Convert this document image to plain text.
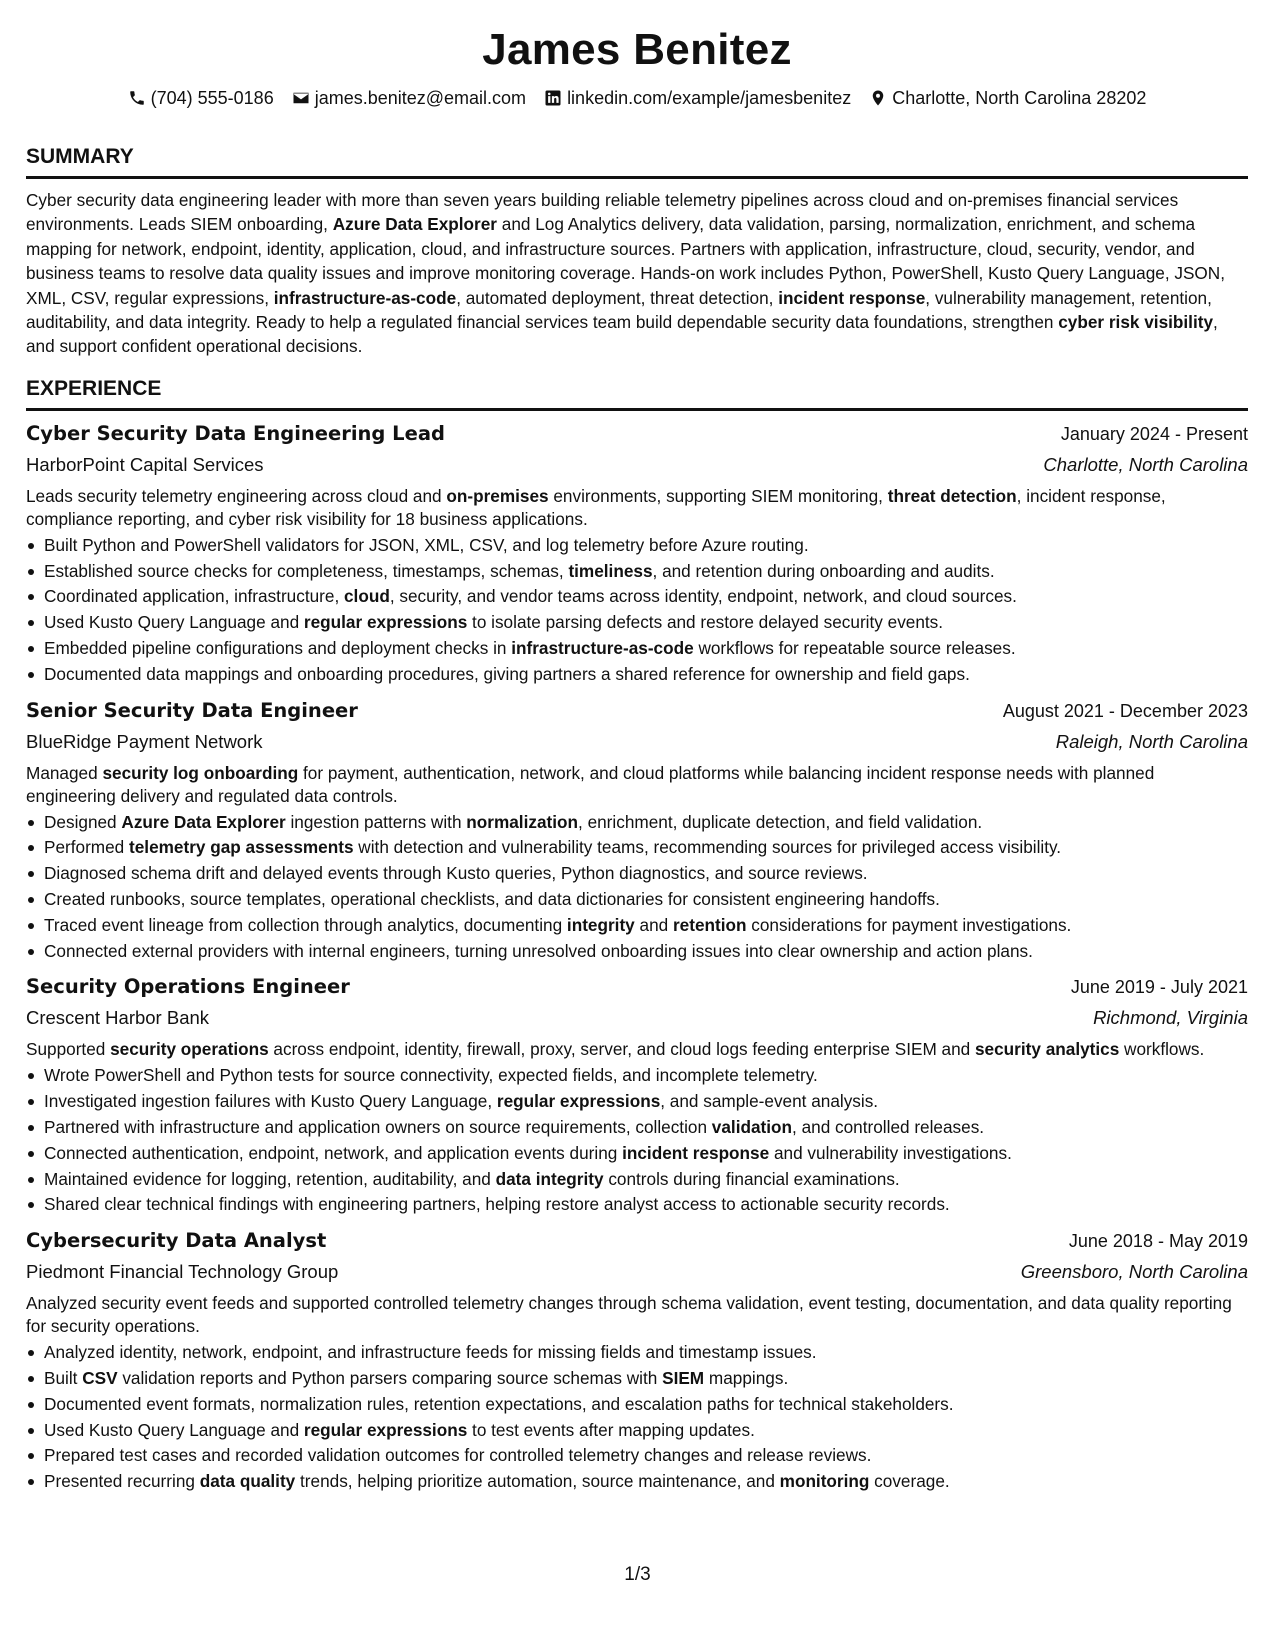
James Benitez
(704) 555-0186 james.benitez@email.com linkedin.com/example/jamesbenitez Charlotte, North Carolina 28202
SUMMARY
Cyber security data engineering leader with more than seven years building reliable telemetry pipelines across cloud and on-premises financial services environments. Leads SIEM onboarding, Azure Data Explorer and Log Analytics delivery, data validation, parsing, normalization, enrichment, and schema mapping for network, endpoint, identity, application, cloud, and infrastructure sources. Partners with application, infrastructure, cloud, security, vendor, and business teams to resolve data quality issues and improve monitoring coverage. Hands-on work includes Python, PowerShell, Kusto Query Language, JSON, XML, CSV, regular expressions, infrastructure-as-code, automated deployment, threat detection, incident response, vulnerability management, retention, auditability, and data integrity. Ready to help a regulated financial services team build dependable security data foundations, strengthen cyber risk visibility, and support confident operational decisions.
EXPERIENCE
Cyber Security Data Engineering Lead	January 2024 - Present
HarborPoint Capital Services	Charlotte, North Carolina
Leads security telemetry engineering across cloud and on-premises environments, supporting SIEM monitoring, threat detection, incident response, compliance reporting, and cyber risk visibility for 18 business applications.
Built Python and PowerShell validators for JSON, XML, CSV, and log telemetry before Azure routing.
Established source checks for completeness, timestamps, schemas, timeliness, and retention during onboarding and audits.
Coordinated application, infrastructure, cloud, security, and vendor teams across identity, endpoint, network, and cloud sources.
Used Kusto Query Language and regular expressions to isolate parsing defects and restore delayed security events.
Embedded pipeline configurations and deployment checks in infrastructure-as-code workflows for repeatable source releases.
Documented data mappings and onboarding procedures, giving partners a shared reference for ownership and field gaps.
Senior Security Data Engineer	August 2021 - December 2023
BlueRidge Payment Network	Raleigh, North Carolina
Managed security log onboarding for payment, authentication, network, and cloud platforms while balancing incident response needs with planned engineering delivery and regulated data controls.
Designed Azure Data Explorer ingestion patterns with normalization, enrichment, duplicate detection, and field validation.
Performed telemetry gap assessments with detection and vulnerability teams, recommending sources for privileged access visibility.
Diagnosed schema drift and delayed events through Kusto queries, Python diagnostics, and source reviews.
Created runbooks, source templates, operational checklists, and data dictionaries for consistent engineering handoffs.
Traced event lineage from collection through analytics, documenting integrity and retention considerations for payment investigations.
Connected external providers with internal engineers, turning unresolved onboarding issues into clear ownership and action plans.
Security Operations Engineer	June 2019 - July 2021
Crescent Harbor Bank	Richmond, Virginia
Supported security operations across endpoint, identity, firewall, proxy, server, and cloud logs feeding enterprise SIEM and security analytics workflows.
Wrote PowerShell and Python tests for source connectivity, expected fields, and incomplete telemetry.
Investigated ingestion failures with Kusto Query Language, regular expressions, and sample-event analysis.
Partnered with infrastructure and application owners on source requirements, collection validation, and controlled releases.
Connected authentication, endpoint, network, and application events during incident response and vulnerability investigations.
Maintained evidence for logging, retention, auditability, and data integrity controls during financial examinations.
Shared clear technical findings with engineering partners, helping restore analyst access to actionable security records.
Cybersecurity Data Analyst	June 2018 - May 2019
Piedmont Financial Technology Group	Greensboro, North Carolina
Analyzed security event feeds and supported controlled telemetry changes through schema validation, event testing, documentation, and data quality reporting for security operations.
Analyzed identity, network, endpoint, and infrastructure feeds for missing fields and timestamp issues.
Built CSV validation reports and Python parsers comparing source schemas with SIEM mappings.
Documented event formats, normalization rules, retention expectations, and escalation paths for technical stakeholders.
Used Kusto Query Language and regular expressions to test events after mapping updates.
Prepared test cases and recorded validation outcomes for controlled telemetry changes and release reviews.
Presented recurring data quality trends, helping prioritize automation, source maintenance, and monitoring coverage.
1/3
